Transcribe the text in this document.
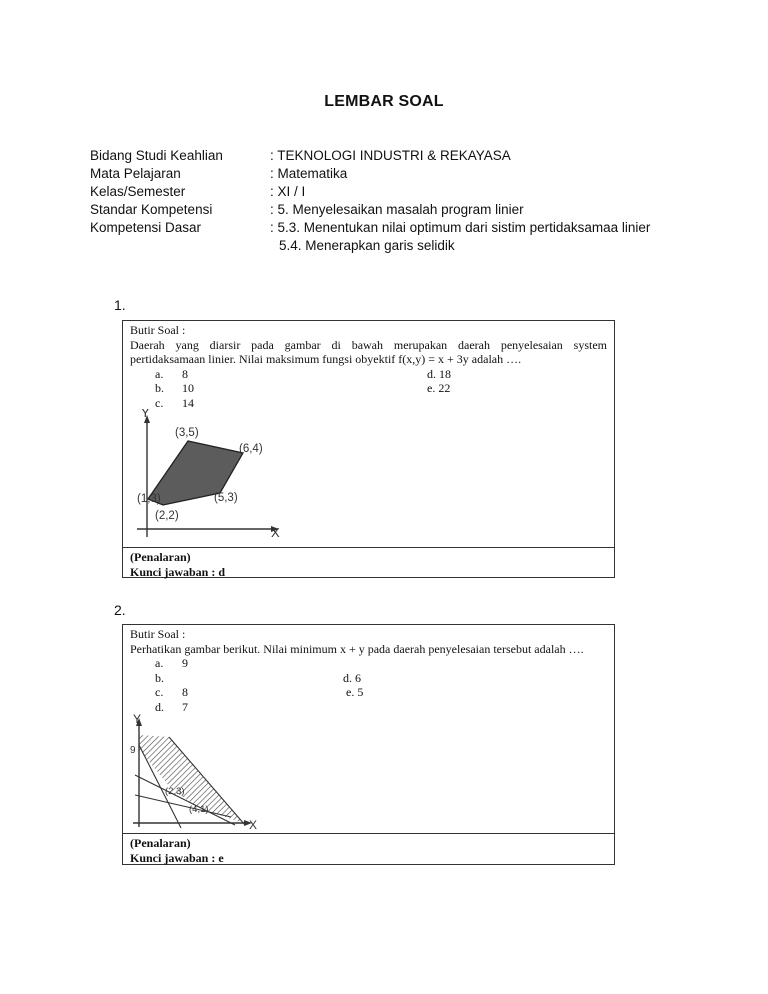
LEMBAR SOAL
Bidang Studi Keahlian	: TEKNOLOGI INDUSTRI & REKAYASA
Mata Pelajaran	: Matematika
Kelas/Semester	: XI / I
Standar Kompetensi	: 5. Menyelesaikan masalah program linier
Kompetensi Dasar	: 5.3. Menentukan nilai optimum dari sistim pertidaksamaa linier
5.4. Menerapkan garis selidik
1.
Butir Soal :
Daerah yang diarsir pada gambar di bawah merupakan daerah penyelesaian system
pertidaksamaan linier. Nilai maksimum fungsi obyektif f(x,y) = x + 3y adalah ….
a. 8	d. 18
b. 10	e. 22
c. 14
Y
X
(3,5)
(6,4)
(1,3)	(5,3)
(2,2)
(Penalaran)
Kunci jawaban : d
2.
Butir Soal :
Perhatikan gambar berikut. Nilai minimum x + y pada daerah penyelesaian tersebut adalah ….
a. 9
b.	d. 6
c. 8	e. 5
d. 7
Y
X
9
(2,3)
(4,1)
(Penalaran)
Kunci jawaban : e
